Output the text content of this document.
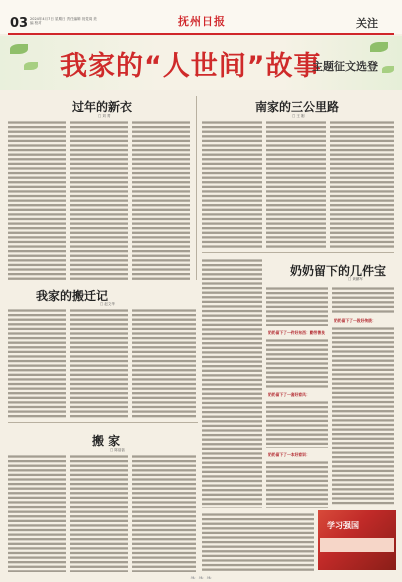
03 2024年4月7日 星期日 责任编辑 视觉周 美编 校对	抚州日报	关注
我家的“人世间”故事
主题征文选登
过年的新衣
□ 刘 菁
南家的三公里路
□ 王 刚
奶奶留下的几件宝
□ 黄鹏军
奶奶留下了一件好东西：勤劳善良
奶奶留下了一套好家风：
奶奶留下了一本好家训：
奶奶留下了一段好传统：
我家的搬迁记
□ 赵文华
搬 家
□ 陈蓓蓓
学习强国
❧ ❧ ❧
